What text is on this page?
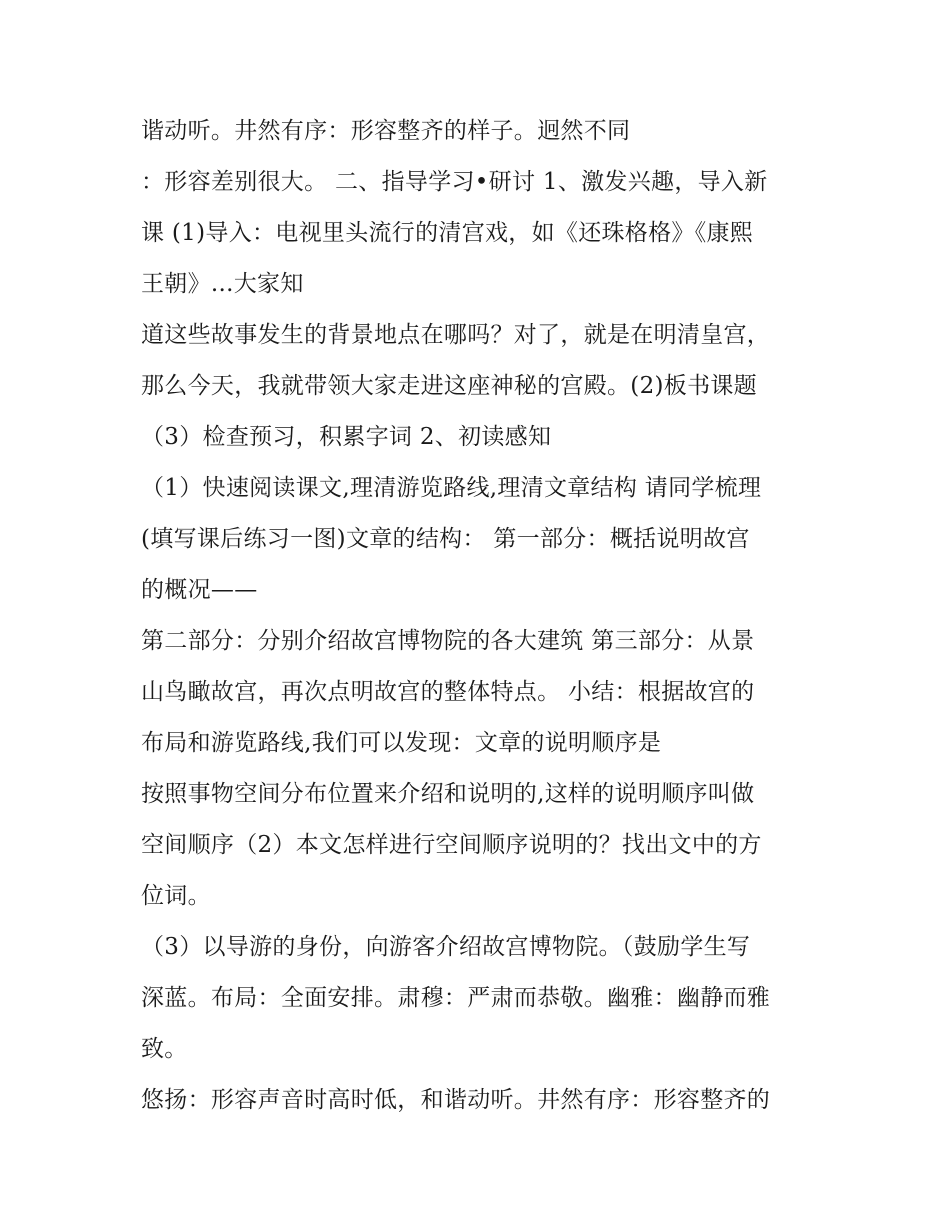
谐动听。井然有序：形容整齐的样子。迥然不同
：形容差别很大。 二、指导学习•研讨 1、激发兴趣，导入新
课 (1)导入：电视里头流行的清宫戏，如《还珠格格》《康熙
王朝》...大家知
道这些故事发生的背景地点在哪吗？对了，就是在明清皇宫，
那么今天，我就带领大家走进这座神秘的宫殿。(2)板书课题
（3）检查预习，积累字词 2、初读感知
（1）快速阅读课文,理清游览路线,理清文章结构 请同学梳理
(填写课后练习一图)文章的结构： 第一部分：概括说明故宫
的概况——
第二部分：分别介绍故宫博物院的各大建筑 第三部分：从景
山鸟瞰故宫，再次点明故宫的整体特点。 小结：根据故宫的
布局和游览路线,我们可以发现：文章的说明顺序是
按照事物空间分布位置来介绍和说明的,这样的说明顺序叫做
空间顺序（2）本文怎样进行空间顺序说明的？找出文中的方
位词。
（3）以导游的身份，向游客介绍故宫博物院。（鼓励学生写
深蓝。布局：全面安排。肃穆：严肃而恭敬。幽雅：幽静而雅
致。
悠扬：形容声音时高时低，和谐动听。井然有序：形容整齐的
